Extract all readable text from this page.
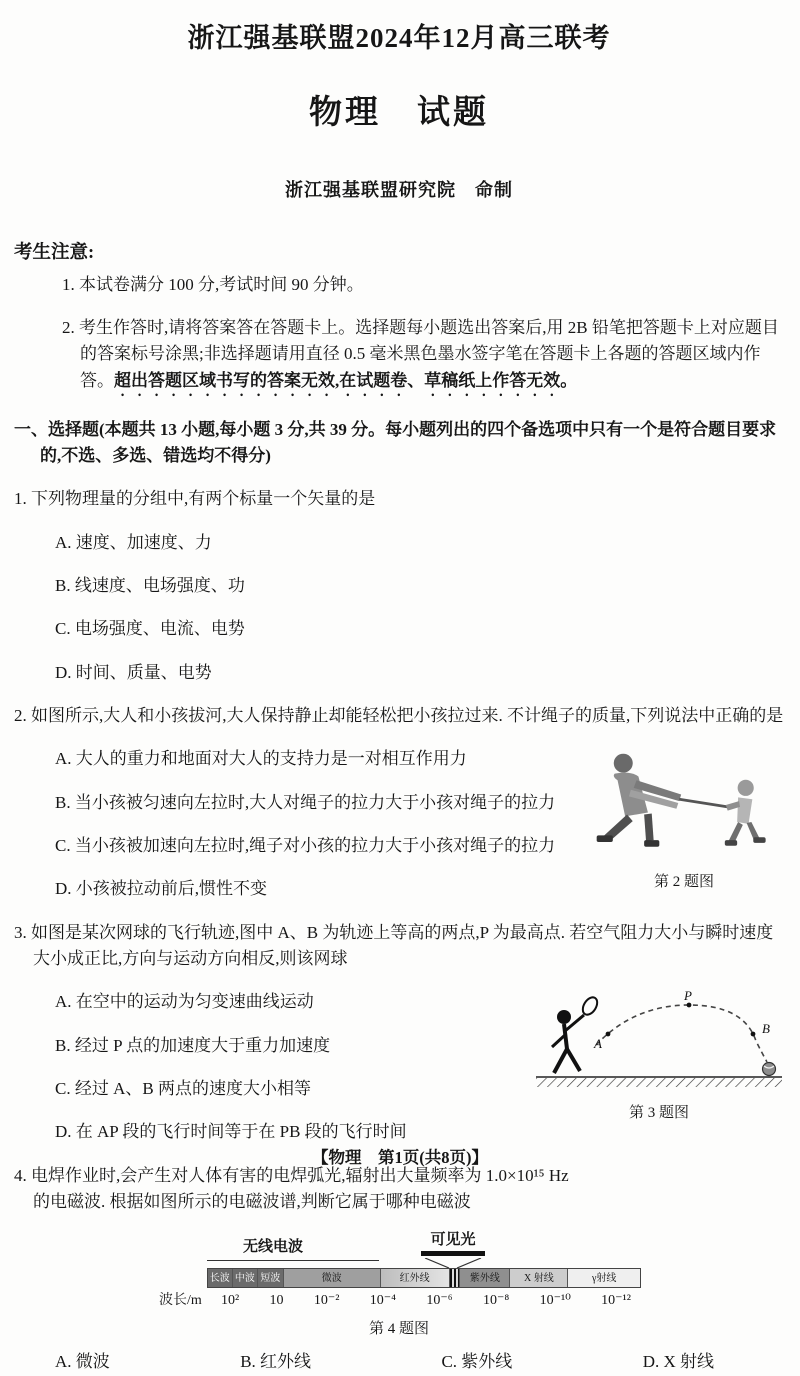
浙江强基联盟2024年12月高三联考
物理　试题
浙江强基联盟研究院　命制
考生注意:

1. 本试卷满分 100 分,考试时间 90 分钟。

2. 考生作答时,请将答案答在答题卡上。选择题每小题选出答案后,用 2B 铅笔把答题卡上对应题目的答案标号涂黑;非选择题请用直径 0.5 毫米黑色墨水签字笔在答题卡上各题的答题区域内作答。超出答题区域书写的答案无效,在试题卷、草稿纸上作答无效。

一、选择题(本题共 13 小题,每小题 3 分,共 39 分。每小题列出的四个备选项中只有一个是符合题目要求的,不选、多选、错选均不得分)

1. 下列物理量的分组中,有两个标量一个矢量的是

A. 速度、加速度、力

B. 线速度、电场强度、功

C. 电场强度、电流、电势

D. 时间、质量、电势

2. 如图所示,大人和小孩拔河,大人保持静止却能轻松把小孩拉过来. 不计绳子的质量,下列说法中正确的是

第 2 题图

A. 大人的重力和地面对大人的支持力是一对相互作用力

B. 当小孩被匀速向左拉时,大人对绳子的拉力大于小孩对绳子的拉力

C. 当小孩被加速向左拉时,绳子对小孩的拉力大于小孩对绳子的拉力

D. 小孩被拉动前后,惯性不变

3. 如图是某次网球的飞行轨迹,图中 A、B 为轨迹上等高的两点,P 为最高点. 若空气阻力大小与瞬时速度大小成正比,方向与运动方向相反,则该网球

A
P
B
第 3 题图

A. 在空中的运动为匀变速曲线运动

B. 经过 P 点的加速度大于重力加速度

C. 经过 A、B 两点的速度大小相等

D. 在 AP 段的飞行时间等于在 PB 段的飞行时间

4. 电焊作业时,会产生对人体有害的电焊弧光,辐射出大量频率为 1.0×10¹⁵ Hz 的电磁波. 根据如图所示的电磁波谱,判断它属于哪种电磁波

无线电波	可见光
长波 中波 短波	微波	红外线	紫外线	X 射线	γ射线
波长/m	10² 10 10⁻² 10⁻⁴ 10⁻⁶ 10⁻⁸ 10⁻¹⁰ 10⁻¹²
第 4 题图
A. 微波	B. 红外线	C. 紫外线	D. X 射线
【物理　第1页(共8页)】
